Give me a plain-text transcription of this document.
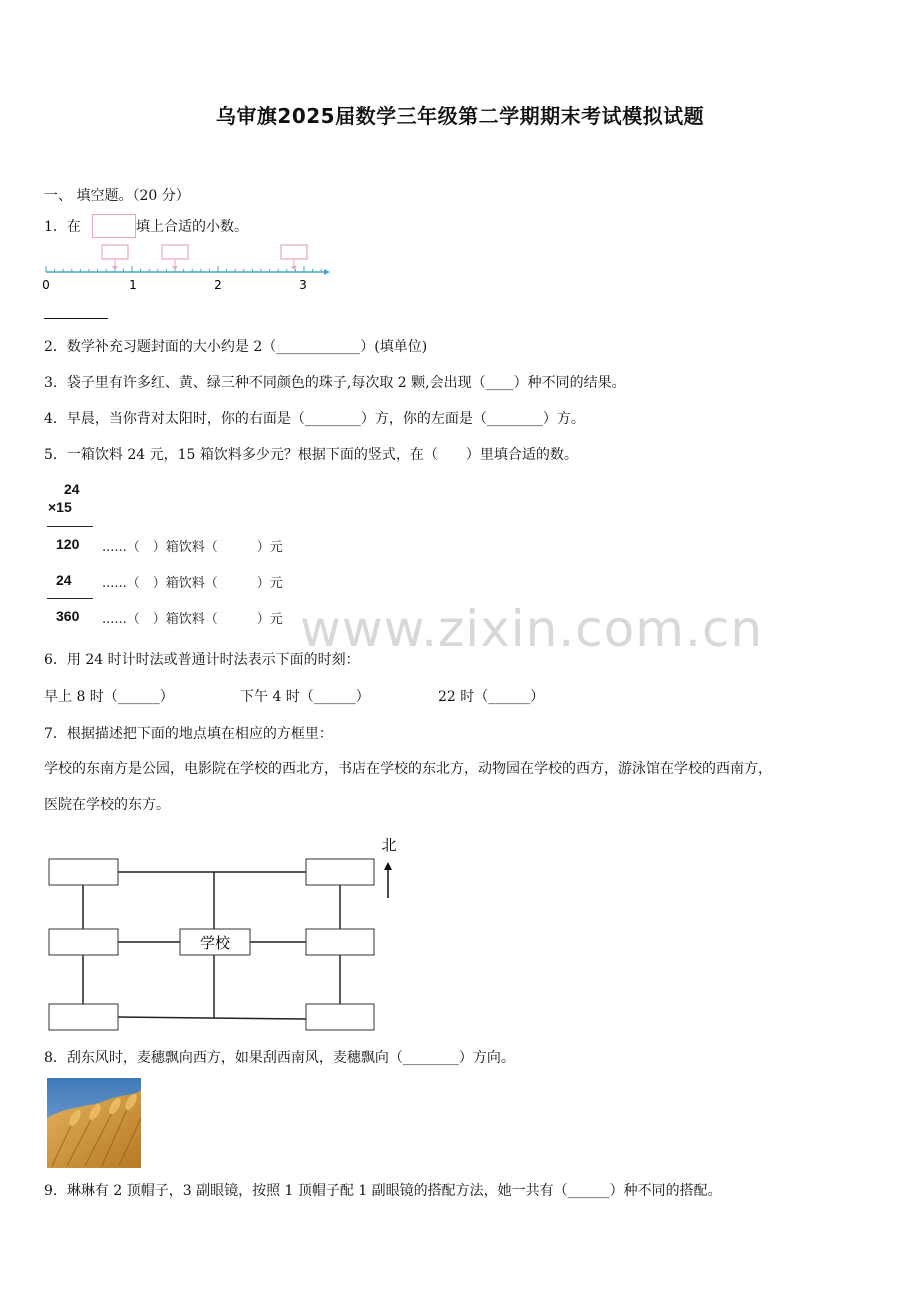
乌审旗2025届数学三年级第二学期期末考试模拟试题
一、 填空题。（20 分）
1．在	填上合适的小数。
0	1	2	3
2．数学补充习题封面的大小约是 2（____________）(填单位)
3．袋子里有许多红、黄、绿三种不同颜色的珠子,每次取 2 颗,会出现（____）种不同的结果。
4．早晨，当你背对太阳时，你的右面是（________）方，你的左面是（________）方。
5．一箱饮料 24 元，15 箱饮料多少元？根据下面的竖式，在（　　）里填合适的数。
24
×15
120 ......（　）箱饮料（　　　）元
24 ......（　）箱饮料（　　　）元
360 ......（　）箱饮料（　　　）元 www.zixin.com.cn
6．用 24 时计时法或普通计时法表示下面的时刻：
早上 8 时（______）	下午 4 时（______）	22 时（______）
7．根据描述把下面的地点填在相应的方框里：
学校的东南方是公园，电影院在学校的西北方，书店在学校的东北方，动物园在学校的西方，游泳馆在学校的西南方，
医院在学校的东方。
学校
北
8．刮东风时，麦穗飘向西方，如果刮西南风，麦穗飘向（________）方向。
9．琳琳有 2 顶帽子，3 副眼镜，按照 1 顶帽子配 1 副眼镜的搭配方法，她一共有（______）种不同的搭配。
